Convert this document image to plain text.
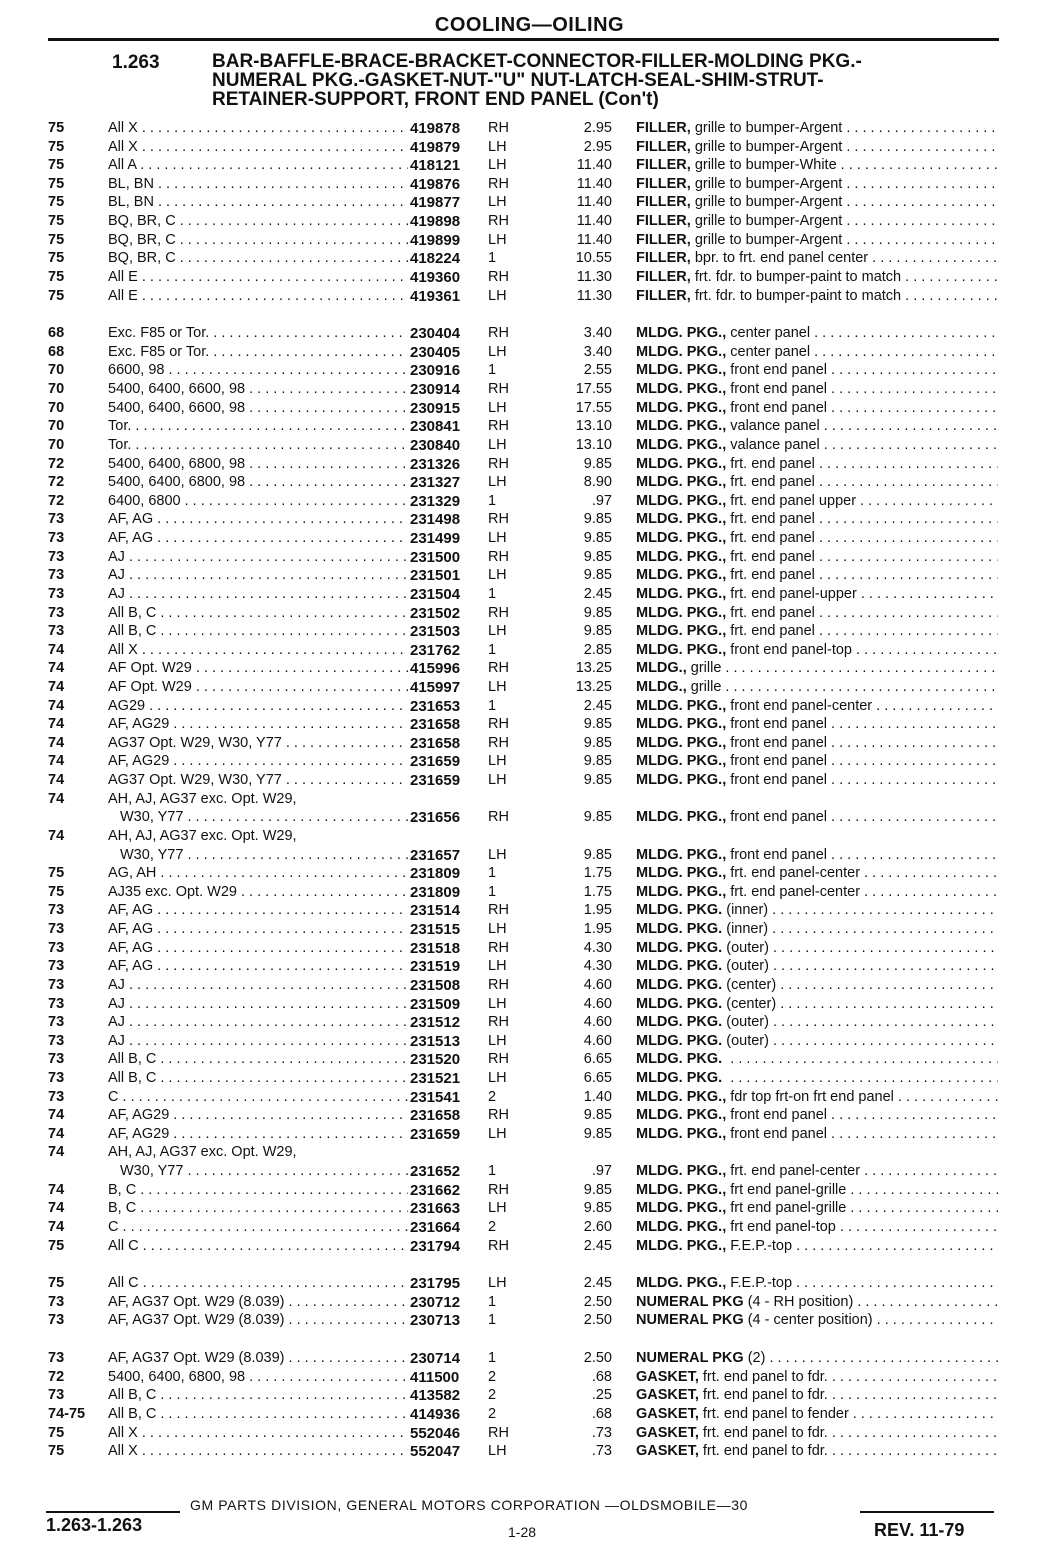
COOLING—OILING
1.263	BAR-BAFFLE-BRACE-BRACKET-CONNECTOR-FILLER-MOLDING PKG.-
NUMERAL PKG.-GASKET-NUT-"U" NUT-LATCH-SEAL-SHIM-STRUT-
RETAINER-SUPPORT, FRONT END PANEL (Con't)
75	All X . . .	419878	RH	2.95 FILLER, grille to bumper-Argent . . .
75	All X . . .	419879	LH	2.95 FILLER, grille to bumper-Argent . . .
75	All A . . .	418121	LH	11.40 FILLER, grille to bumper-White . . .
75	BL, BN . . .	419876	RH	11.40 FILLER, grille to bumper-Argent . . .
75	BL, BN . . .	419877	LH	11.40 FILLER, grille to bumper-Argent . . .
75	BQ, BR, C . . .	419898	RH	11.40 FILLER, grille to bumper-Argent . . .
75	BQ, BR, C . . .	419899	LH	11.40 FILLER, grille to bumper-Argent . . .
75	BQ, BR, C . . .	418224	1	10.55 FILLER, bpr. to frt. end panel center . . .
75	All E . . .	419360	RH	11.30 FILLER, frt. fdr. to bumper-paint to match . . .
75	All E . . .	419361	LH	11.30 FILLER, frt. fdr. to bumper-paint to match . . .
68	Exc. F85 or Tor. . . .	230404	RH	3.40 MLDG. PKG., center panel . . .
68	Exc. F85 or Tor. . . .	230405	LH	3.40 MLDG. PKG., center panel . . .
70	6600, 98 . . .	230916	1	2.55 MLDG. PKG., front end panel . . .
70	5400, 6400, 6600, 98 . . .	230914	RH	17.55 MLDG. PKG., front end panel . . .
70	5400, 6400, 6600, 98 . . .	230915	LH	17.55 MLDG. PKG., front end panel . . .
70	Tor. . . .	230841	RH	13.10 MLDG. PKG., valance panel . . .
70	Tor. . . .	230840	LH	13.10 MLDG. PKG., valance panel . . .
72	5400, 6400, 6800, 98 . . .	231326	RH	9.85 MLDG. PKG., frt. end panel . . .
72	5400, 6400, 6800, 98 . . .	231327	LH	8.90 MLDG. PKG., frt. end panel . . .
72	6400, 6800 . . .	231329	1	.97 MLDG. PKG., frt. end panel upper . . .
73	AF, AG . . .	231498	RH	9.85 MLDG. PKG., frt. end panel . . .
73	AF, AG . . .	231499	LH	9.85 MLDG. PKG., frt. end panel . . .
73	AJ . . .	231500	RH	9.85 MLDG. PKG., frt. end panel . . .
73	AJ . . .	231501	LH	9.85 MLDG. PKG., frt. end panel . . .
73	AJ . . .	231504	1	2.45 MLDG. PKG., frt. end panel-upper . . .
73	All B, C . . .	231502	RH	9.85 MLDG. PKG., frt. end panel . . .
73	All B, C . . .	231503	LH	9.85 MLDG. PKG., frt. end panel . . .
74	All X . . .	231762	1	2.85 MLDG. PKG., front end panel-top . . .
74	AF Opt. W29 . . .	415996	RH	13.25 MLDG., grille . . .
74	AF Opt. W29 . . .	415997	LH	13.25 MLDG., grille . . .
74	AG29 . . .	231653	1	2.45 MLDG. PKG., front end panel-center . . .
74	AF, AG29 . . .	231658	RH	9.85 MLDG. PKG., front end panel . . .
74	AG37 Opt. W29, W30, Y77 . . .	231658	RH	9.85 MLDG. PKG., front end panel . . .
74	AF, AG29 . . .	231659	LH	9.85 MLDG. PKG., front end panel . . .
74	AG37 Opt. W29, W30, Y77 . . .	231659	LH	9.85 MLDG. PKG., front end panel . . .
74	AH, AJ, AG37 exc. Opt. W29,
W30, Y77 . . .	231656	RH	9.85 MLDG. PKG., front end panel . . .
74	AH, AJ, AG37 exc. Opt. W29,
W30, Y77 . . .	231657	LH	9.85 MLDG. PKG., front end panel . . .
75	AG, AH . . .	231809	1	1.75 MLDG. PKG., frt. end panel-center . . .
75	AJ35 exc. Opt. W29 . . .	231809	1	1.75 MLDG. PKG., frt. end panel-center . . .
73	AF, AG . . .	231514	RH	1.95 MLDG. PKG. (inner) . . .
73	AF, AG . . .	231515	LH	1.95 MLDG. PKG. (inner) . . .
73	AF, AG . . .	231518	RH	4.30 MLDG. PKG. (outer) . . .
73	AF, AG . . .	231519	LH	4.30 MLDG. PKG. (outer) . . .
73	AJ . . .	231508	RH	4.60 MLDG. PKG. (center) . . .
73	AJ . . .	231509	LH	4.60 MLDG. PKG. (center) . . .
73	AJ . . .	231512	RH	4.60 MLDG. PKG. (outer) . . .
73	AJ . . .	231513	LH	4.60 MLDG. PKG. (outer) . . .
73	All B, C . . .	231520	RH	6.65 MLDG. PKG.  . . .
73	All B, C . . .	231521	LH	6.65 MLDG. PKG.  . . .
73	C . . .	231541	2	1.40 MLDG. PKG., fdr top frt-on frt end panel . . .
74	AF, AG29 . . .	231658	RH	9.85 MLDG. PKG., front end panel . . .
74	AF, AG29 . . .	231659	LH	9.85 MLDG. PKG., front end panel . . .
74	AH, AJ, AG37 exc. Opt. W29,
W30, Y77 . . .	231652	1	.97 MLDG. PKG., frt. end panel-center . . .
74	B, C . . .	231662	RH	9.85 MLDG. PKG., frt end panel-grille . . .
74	B, C . . .	231663	LH	9.85 MLDG. PKG., frt end panel-grille . . .
74	C . . .	231664	2	2.60 MLDG. PKG., frt end panel-top . . .
75	All C . . .	231794	RH	2.45 MLDG. PKG., F.E.P.-top . . .
75	All C . . .	231795	LH	2.45 MLDG. PKG., F.E.P.-top . . .
73	AF, AG37 Opt. W29 (8.039) . . .	230712	1	2.50 NUMERAL PKG (4 - RH position) . . .
73	AF, AG37 Opt. W29 (8.039) . . .	230713	1	2.50 NUMERAL PKG (4 - center position) . . .
73	AF, AG37 Opt. W29 (8.039) . . .	230714	1	2.50 NUMERAL PKG (2) . . .
72	5400, 6400, 6800, 98 . . .	411500	2	.68 GASKET, frt. end panel to fdr. . . .
73	All B, C . . .	413582	2	.25 GASKET, frt. end panel to fdr. . . .
74-75	All B, C . . .	414936	2	.68 GASKET, frt. end panel to fender . . .
75	All X . . .	552046	RH	.73 GASKET, frt. end panel to fdr. . . .
75	All X . . .	552047	LH	.73 GASKET, frt. end panel to fdr. . . .
GM PARTS DIVISION, GENERAL MOTORS CORPORATION —OLDSMOBILE—30
1.263-1.263	1-28	REV. 11-79
